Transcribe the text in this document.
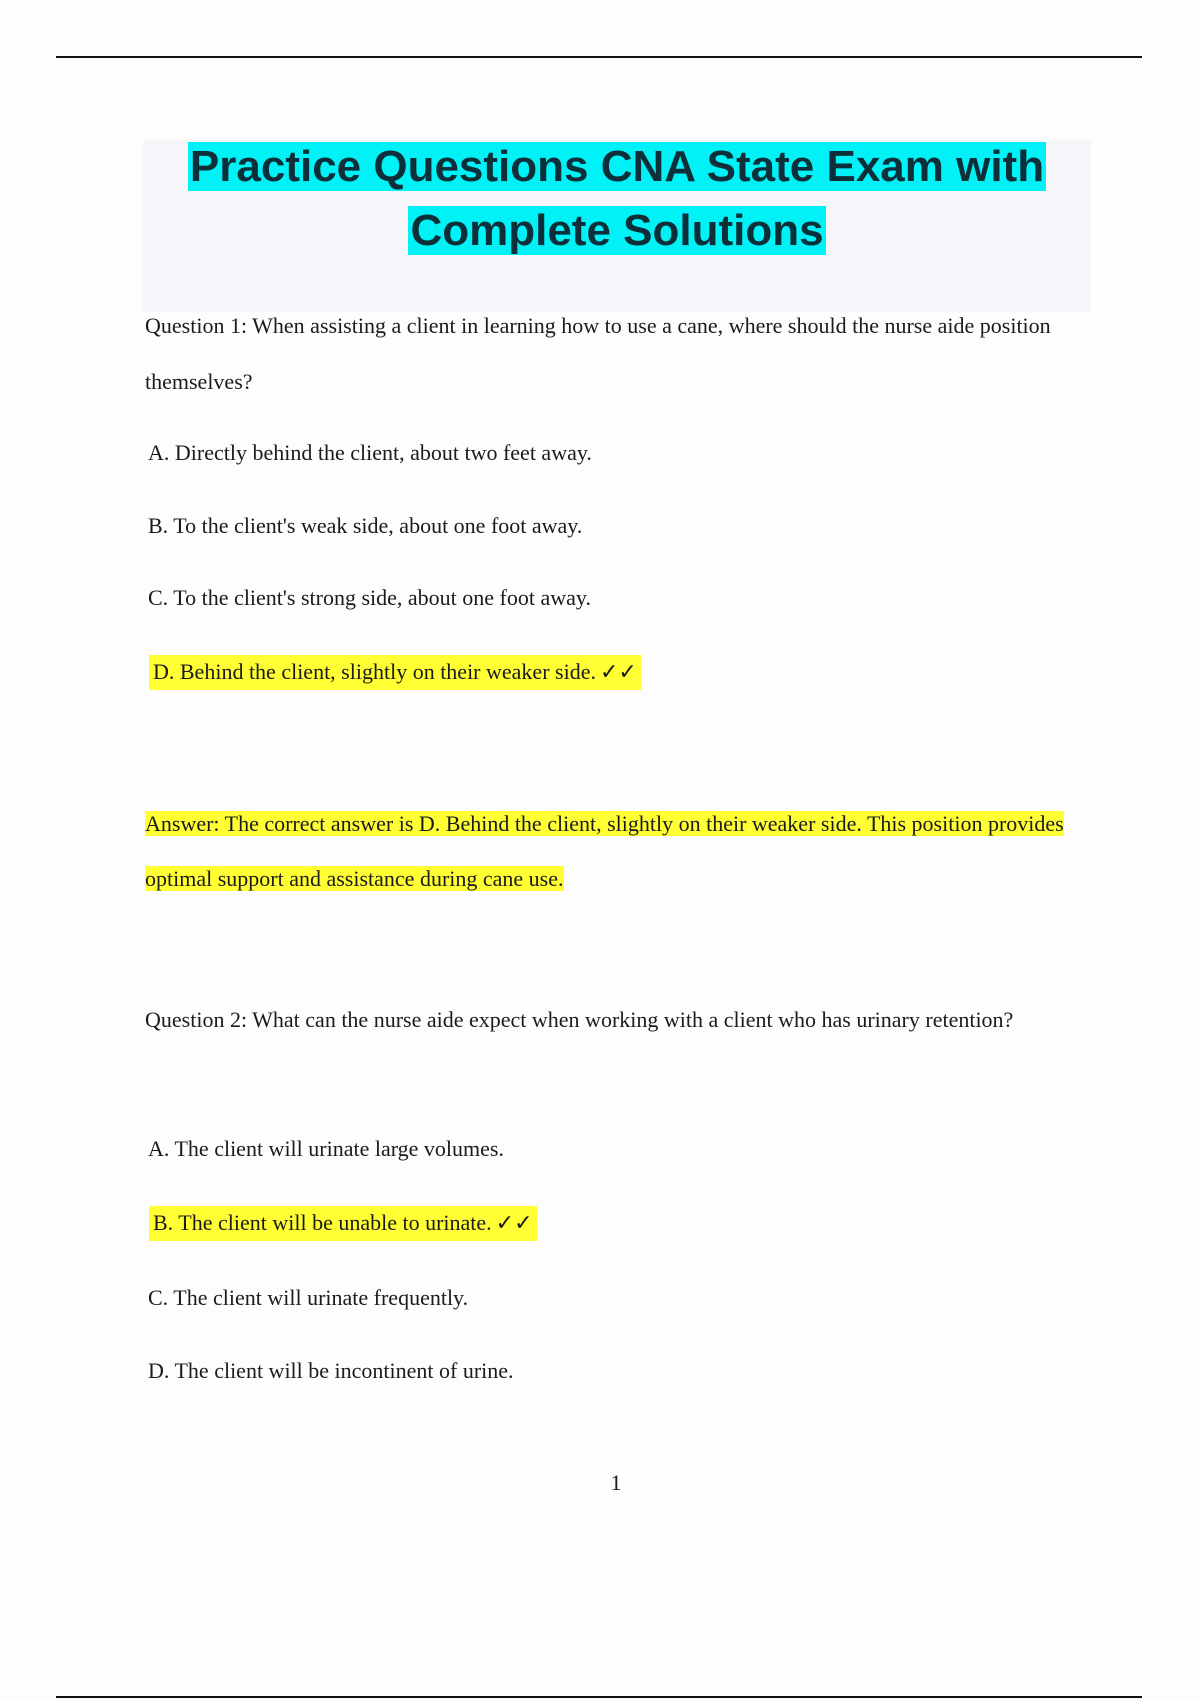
Practice Questions CNA State Exam with Complete Solutions

Question 1: When assisting a client in learning how to use a cane, where should the nurse aide position themselves?

A. Directly behind the client, about two feet away.

B. To the client's weak side, about one foot away.

C. To the client's strong side, about one foot away.

D. Behind the client, slightly on their weaker side. ✓✓

Answer: The correct answer is D. Behind the client, slightly on their weaker side. This position provides optimal support and assistance during cane use.

Question 2: What can the nurse aide expect when working with a client who has urinary retention?

A. The client will urinate large volumes.

B. The client will be unable to urinate. ✓✓

C. The client will urinate frequently.

D. The client will be incontinent of urine.

1
